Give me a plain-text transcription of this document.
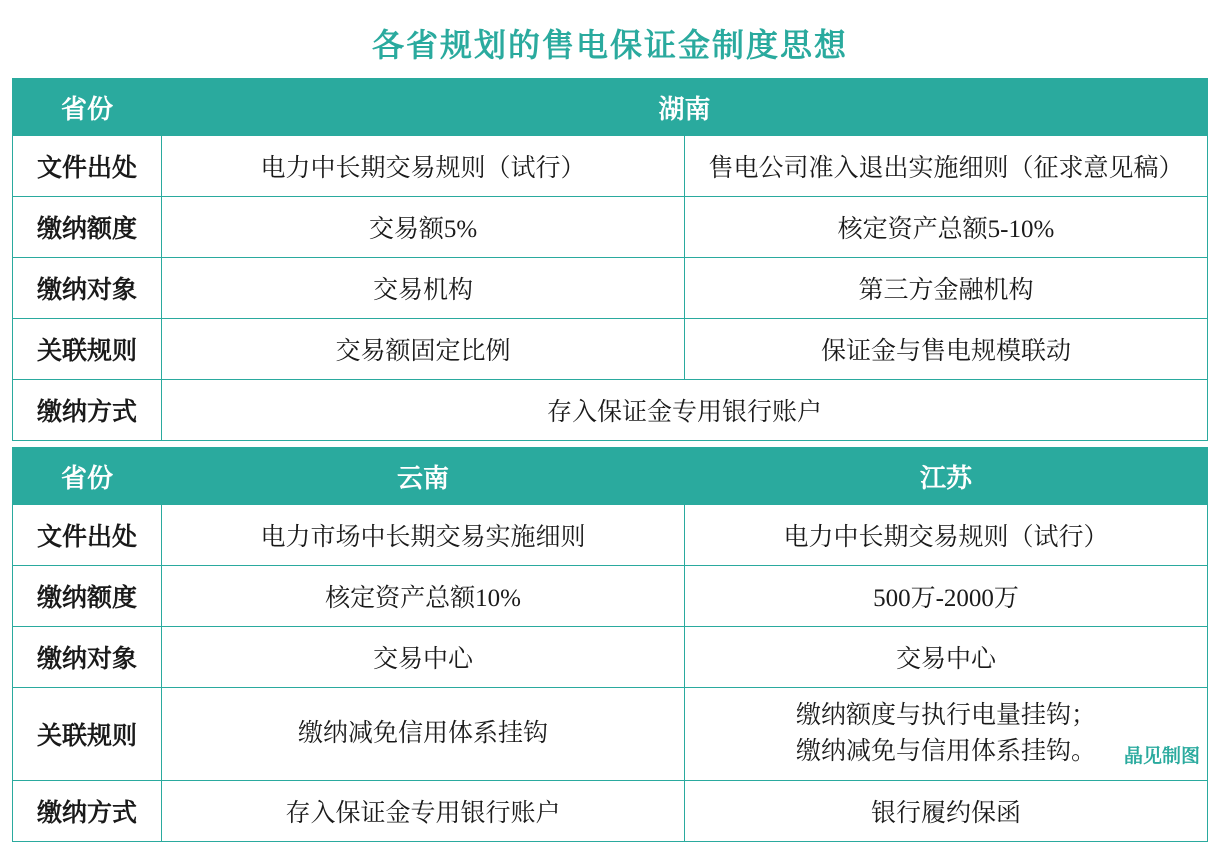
各省规划的售电保证金制度思想
省份	湖南	
文件出处	电力中长期交易规则（试行）	售电公司准入退出实施细则（征求意见稿）
缴纳额度	交易额5%	核定资产总额5-10%
缴纳对象	交易机构	第三方金融机构
关联规则	交易额固定比例	保证金与售电规模联动
缴纳方式	存入保证金专用银行账户	
省份	云南	江苏
文件出处	电力市场中长期交易实施细则	电力中长期交易规则（试行）
缴纳额度	核定资产总额10%	500万-2000万
缴纳对象	交易中心	交易中心
关联规则	缴纳减免信用体系挂钩	缴纳额度与执行电量挂钩；
缴纳减免与信用体系挂钩。

缴纳方式	存入保证金专用银行账户	银行履约保函
晶见制图
